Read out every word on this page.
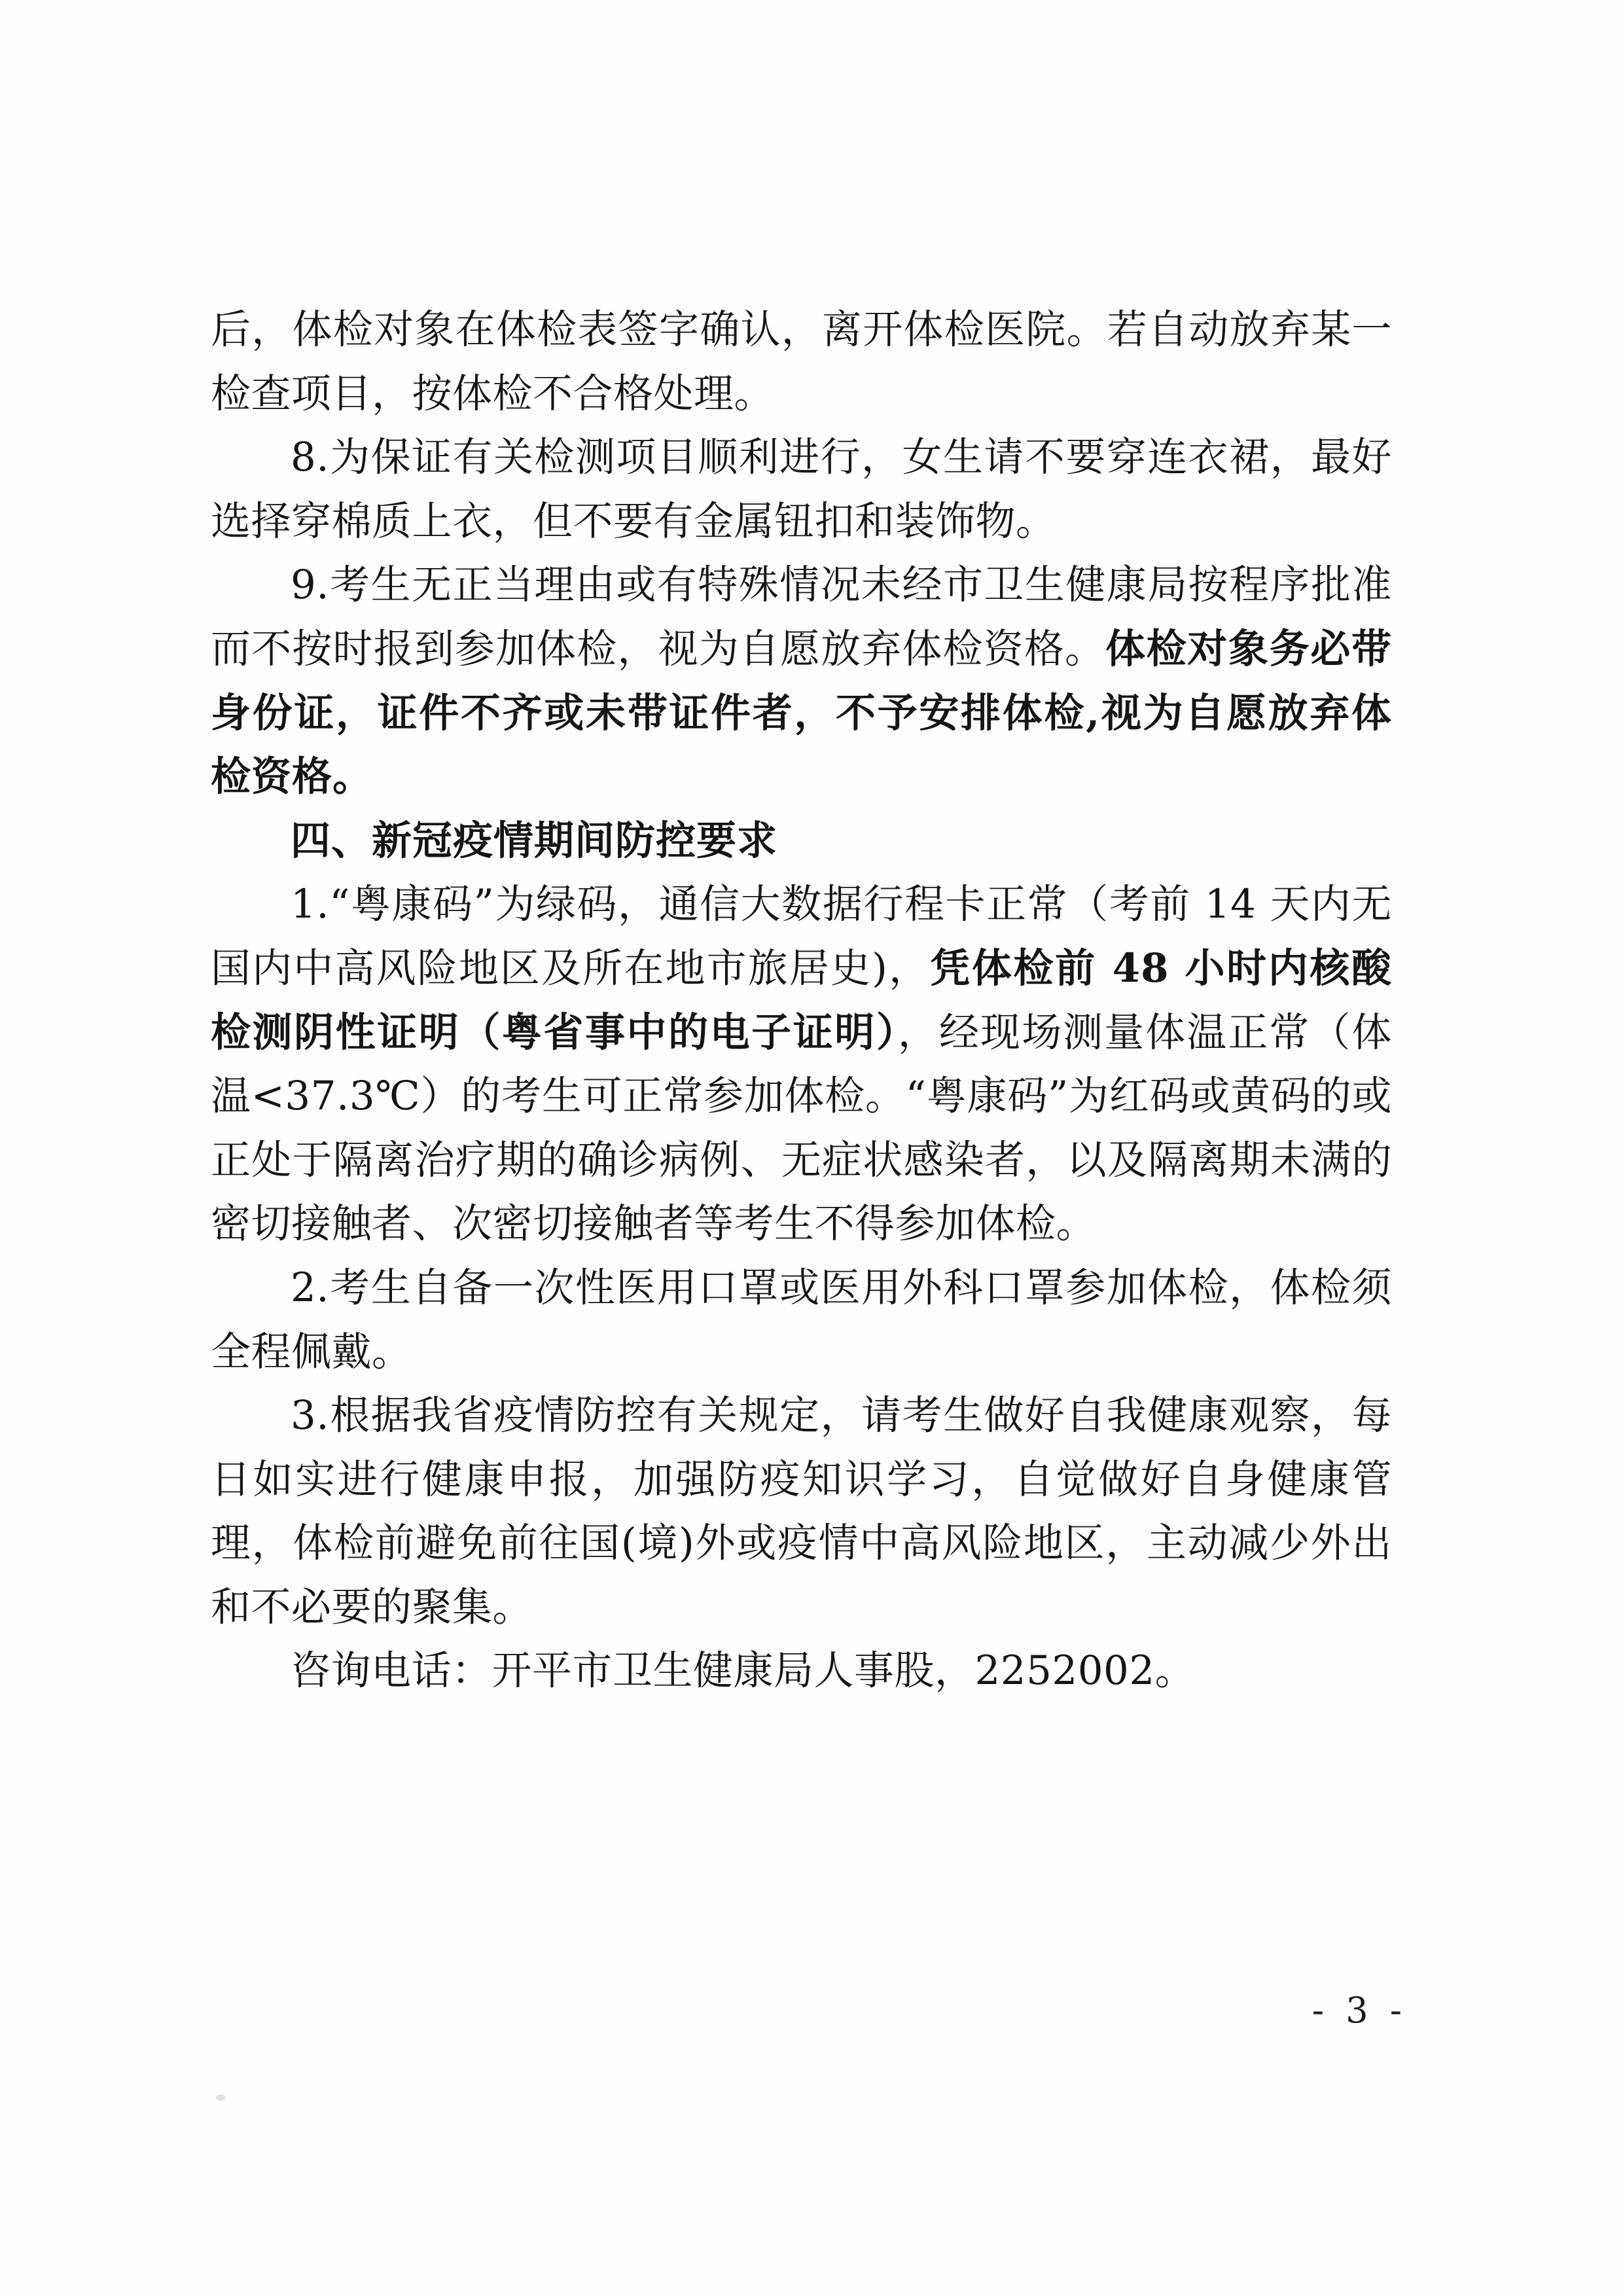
后，体检对象在体检表签字确认，离开体检医院。若自动放弃某一检查项目，按体检不合格处理。

8.为保证有关检测项目顺利进行，女生请不要穿连衣裙，最好选择穿棉质上衣，但不要有金属钮扣和装饰物。

9.考生无正当理由或有特殊情况未经市卫生健康局按程序批准而不按时报到参加体检，视为自愿放弃体检资格。体检对象务必带身份证，证件不齐或未带证件者，不予安排体检,视为自愿放弃体检资格。

四、新冠疫情期间防控要求

1.“粤康码”为绿码，通信大数据行程卡正常（考前 14 天内无国内中高风险地区及所在地市旅居史)，凭体检前 48 小时内核酸检测阴性证明（粤省事中的电子证明），经现场测量体温正常（体温<37.3℃）的考生可正常参加体检。“粤康码”为红码或黄码的或正处于隔离治疗期的确诊病例、无症状感染者，以及隔离期未满的密切接触者、次密切接触者等考生不得参加体检。

2.考生自备一次性医用口罩或医用外科口罩参加体检，体检须全程佩戴。

3.根据我省疫情防控有关规定，请考生做好自我健康观察，每日如实进行健康申报，加强防疫知识学习，自觉做好自身健康管理，体检前避免前往国(境)外或疫情中高风险地区，主动减少外出和不必要的聚集。

咨询电话：开平市卫生健康局人事股，2252002。

- 3 -
